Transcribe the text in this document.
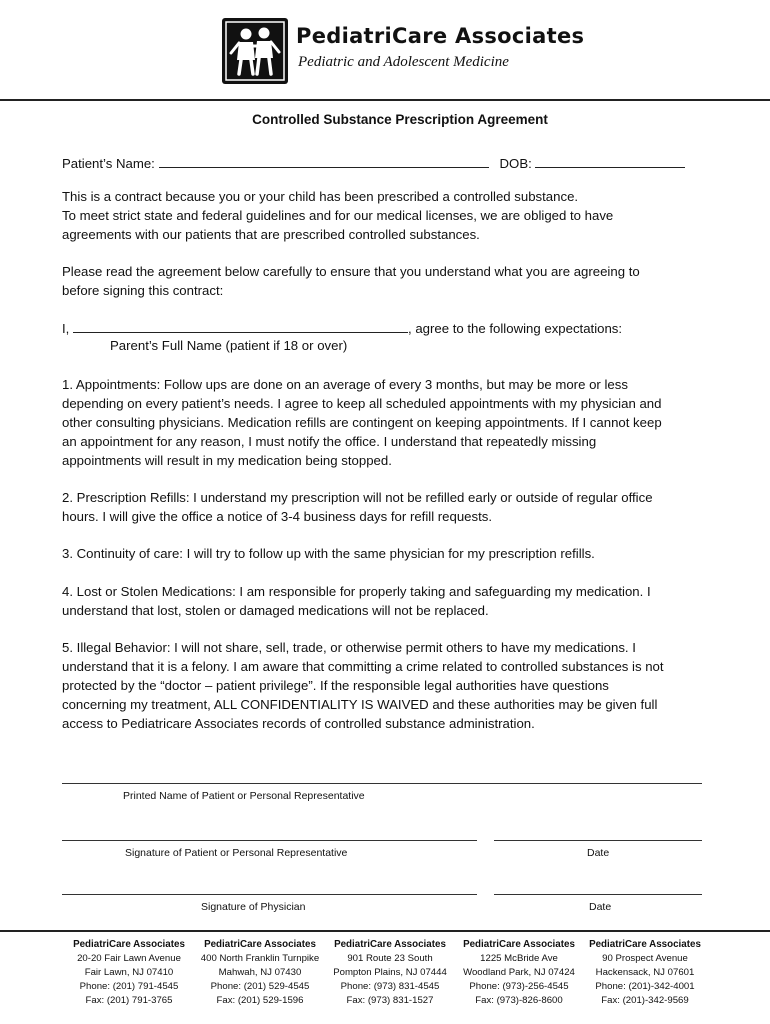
PediatriCare Associates
Pediatric and Adolescent Medicine
Controlled Substance Prescription Agreement
Patient’s Name:	DOB:
This is a contract because you or your child has been prescribed a controlled substance.
To meet strict state and federal guidelines and for our medical licenses, we are obliged to have
agreements with our patients that are prescribed controlled substances.
Please read the agreement below carefully to ensure that you understand what you are agreeing to
before signing this contract:
I,	, agree to the following expectations:
Parent’s Full Name (patient if 18 or over)
1. Appointments: Follow ups are done on an average of every 3 months, but may be more or less
depending on every patient’s needs. I agree to keep all scheduled appointments with my physician and
other consulting physicians. Medication refills are contingent on keeping appointments. If I cannot keep
an appointment for any reason, I must notify the office. I understand that repeatedly missing
appointments will result in my medication being stopped.
2. Prescription Refills: I understand my prescription will not be refilled early or outside of regular office
hours. I will give the office a notice of 3-4 business days for refill requests.
3. Continuity of care: I will try to follow up with the same physician for my prescription refills.
4. Lost or Stolen Medications: I am responsible for properly taking and safeguarding my medication. I
understand that lost, stolen or damaged medications will not be replaced.
5. Illegal Behavior: I will not share, sell, trade, or otherwise permit others to have my medications. I
understand that it is a felony. I am aware that committing a crime related to controlled substances is not
protected by the “doctor – patient privilege”. If the responsible legal authorities have questions
concerning my treatment, ALL CONFIDENTIALITY IS WAIVED and these authorities may be given full
access to Pediatricare Associates records of controlled substance administration.
Printed Name of Patient or Personal Representative
Signature of Patient or Personal Representative	Date
Signature of Physician	Date
PediatriCare Associates
20-20 Fair Lawn Avenue
Fair Lawn, NJ 07410
Phone: (201) 791-4545
Fax: (201) 791-3765
PediatriCare Associates
400 North Franklin Turnpike
Mahwah, NJ 07430
Phone: (201) 529-4545
Fax: (201) 529-1596
PediatriCare Associates
901 Route 23 South
Pompton Plains, NJ 07444
Phone: (973) 831-4545
Fax: (973) 831-1527
PediatriCare Associates
1225 McBride Ave
Woodland Park, NJ 07424
Phone: (973)-256-4545
Fax: (973)-826-8600
PediatriCare Associates
90 Prospect Avenue
Hackensack, NJ 07601
Phone: (201)-342-4001
Fax: (201)-342-9569
